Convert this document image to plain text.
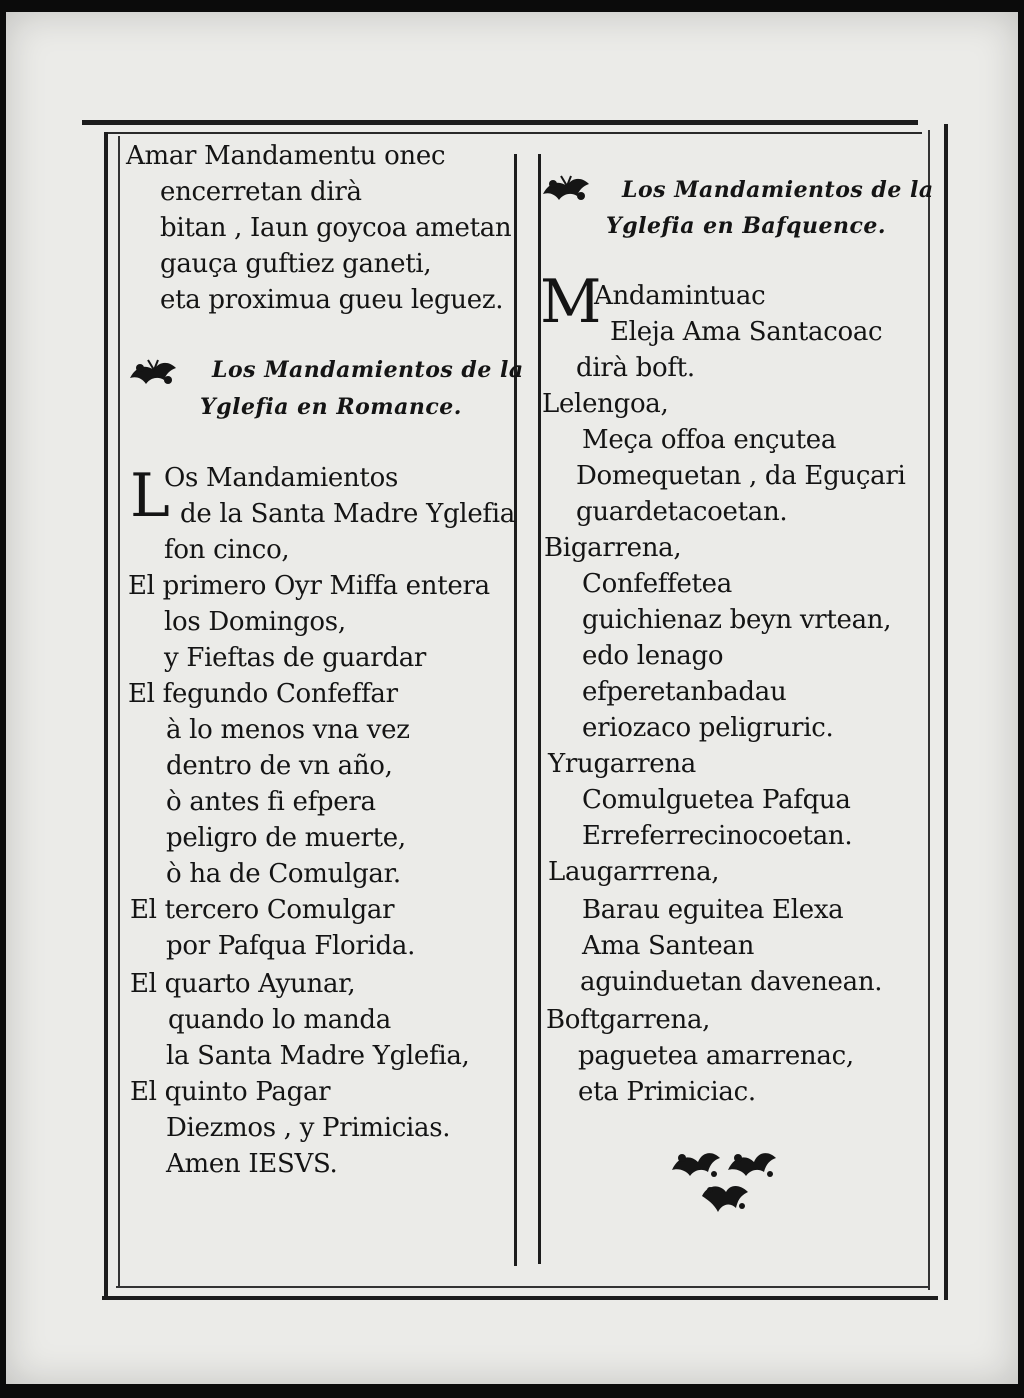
Amar Mandamentu onec
encerretan dirà
bitan , Iaun goycoa ametan
gauça guftiez ganeti,
eta proximua gueu leguez.
Los Mandamientos de la
Yglefia en Romance.
L
Os Mandamientos
de la Santa Madre Yglefia
fon cinco,
El primero Oyr Miffa entera
los Domingos,
y Fieftas de guardar
El fegundo Confeffar
à lo menos vna vez
dentro de vn año,
ò antes fi efpera
peligro de muerte,
ò ha de Comulgar.
El tercero Comulgar
por Pafqua Florida.
El quarto Ayunar,
quando lo manda
la Santa Madre Yglefia,
El quinto Pagar
Diezmos , y Primicias.
Amen IESVS.
Los Mandamientos de la
Yglefia en Bafquence.
M
Andamintuac
Eleja Ama Santacoac
dirà boft.
Lelengoa,
Meça offoa ençutea
Domequetan , da Eguçari
guardetacoetan.
Bigarrena,
Confeffetea
guichienaz beyn vrtean,
edo lenago
efperetanbadau
eriozaco peligruric.
Yrugarrena
Comulguetea Pafqua
Erreferrecinocoetan.
Laugarrrena,
Barau eguitea Elexa
Ama Santean
aguinduetan davenean.
Boftgarrena,
paguetea amarrenac,
eta Primiciac.
